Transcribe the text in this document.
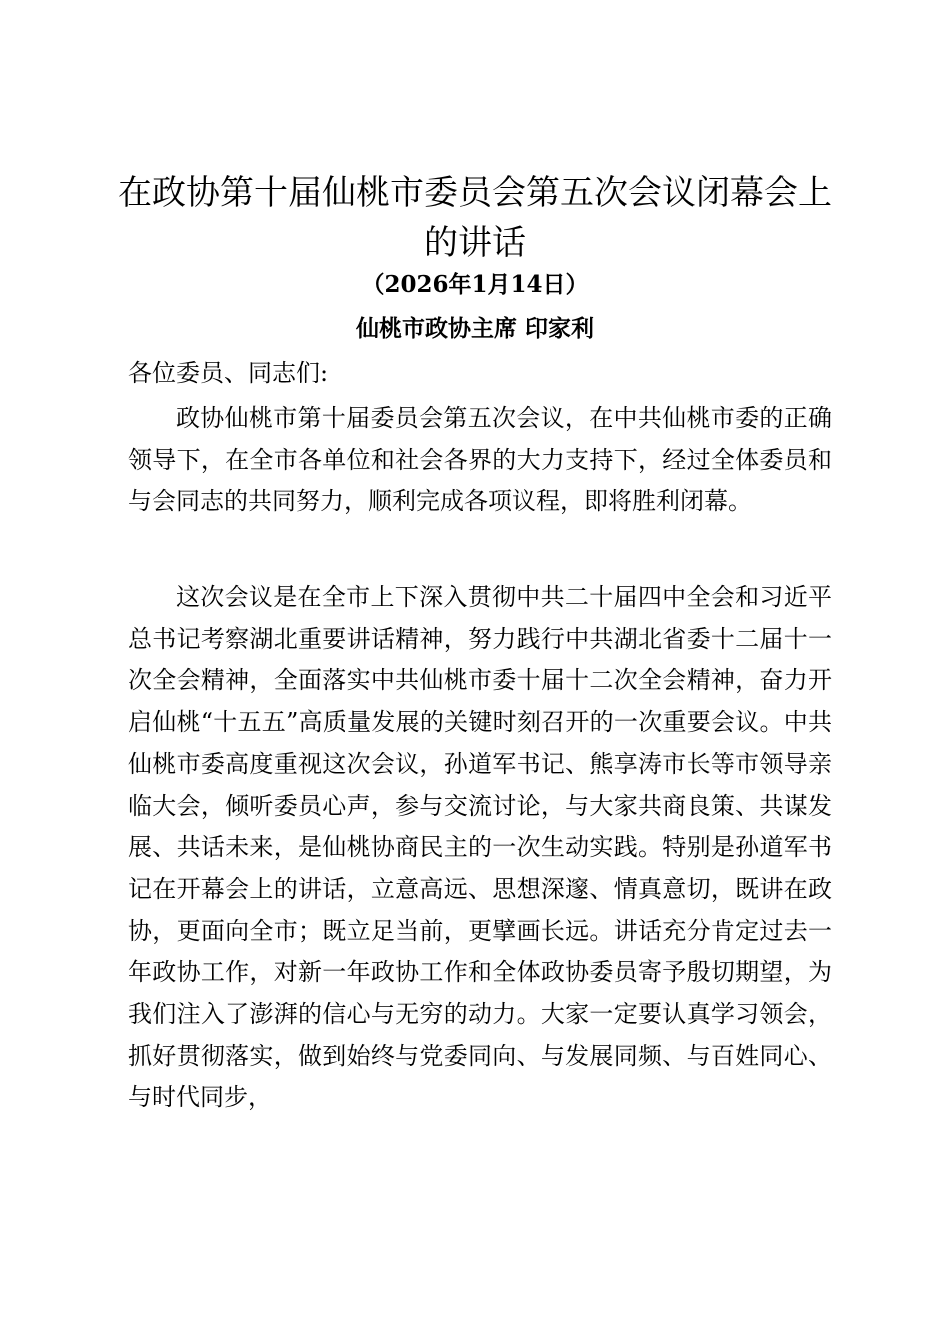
在政协第十届仙桃市委员会第五次会议闭幕会上的讲话

（2026年1月14日）

仙桃市政协主席 印家利

各位委员、同志们:

政协仙桃市第十届委员会第五次会议，在中共仙桃市委的正确领导下，在全市各单位和社会各界的大力支持下，经过全体委员和与会同志的共同努力，顺利完成各项议程，即将胜利闭幕。

这次会议是在全市上下深入贯彻中共二十届四中全会和习近平总书记考察湖北重要讲话精神，努力践行中共湖北省委十二届十一次全会精神，全面落实中共仙桃市委十届十二次全会精神，奋力开启仙桃“十五五”高质量发展的关键时刻召开的一次重要会议。中共仙桃市委高度重视这次会议，孙道军书记、熊享涛市长等市领导亲临大会，倾听委员心声，参与交流讨论，与大家共商良策、共谋发展、共话未来，是仙桃协商民主的一次生动实践。特别是孙道军书记在开幕会上的讲话，立意高远、思想深邃、情真意切，既讲在政协，更面向全市；既立足当前，更擘画长远。讲话充分肯定过去一年政协工作，对新一年政协工作和全体政协委员寄予殷切期望，为我们注入了澎湃的信心与无穷的动力。大家一定要认真学习领会，抓好贯彻落实，做到始终与党委同向、与发展同频、与百姓同心、与时代同步，
